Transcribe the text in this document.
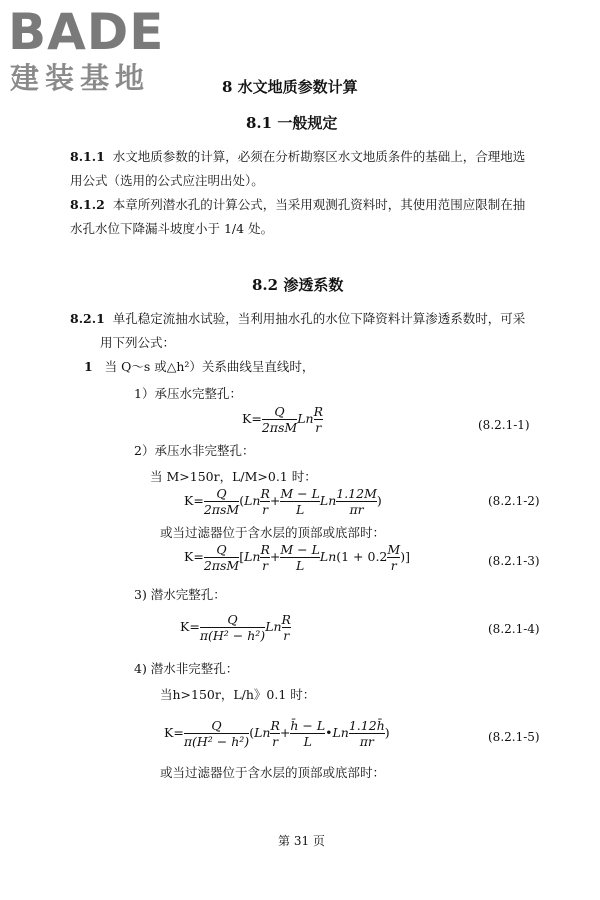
BADE
建装基地	8 水文地质参数计算
8.1 一般规定
8.1.1 水文地质参数的计算，必须在分析勘察区水文地质条件的基础上，合理地选
用公式（选用的公式应注明出处）。
8.1.2 本章所列潜水孔的计算公式，当采用观测孔资料时，其使用范围应限制在抽
水孔水位下降漏斗坡度小于 1/4 处。
8.2 渗透系数
8.2.1 单孔稳定流抽水试验，当利用抽水孔的水位下降资料计算渗透系数时，可采
用下列公式：
1 当 Q～s 或△h²）关系曲线呈直线时，
1）承压水完整孔：
$K= \frac{Q}{\text{2πsM}}$ Ln $\frac{R}{r}$	(8.2.1-1)
2）承压水非完整孔：
当 M>150r，L/M>0.1 时：
$K= \frac{Q}{\text{2πsM}} (Ln \frac{R}{r} + \frac{M - L}{L}$ Ln $\frac{1.12M}{\pi r}$ )	(8.2.1-2)
或当过滤器位于含水层的顶部或底部时：
$K= \frac{Q}{\text{2πsM}} [Ln \frac{R}{r} + \frac{M - L}{L} Ln(1 + 0.2 \frac{M}{r}$ )]	(8.2.1-3)
3) 潜水完整孔：
$K= \frac{Q}{\text{π(H² − h²)}}$ Ln $\frac{R}{r}$	(8.2.1-4)
4) 潜水非完整孔：
当h>150r，L/h》0.1 时：
$K= \frac{Q}{\text{π(H² − h²)}} (Ln \frac{R}{r} + \frac{h̄ - L}{L}$ •Ln $\frac{1.12h̄}{\pi r}$ )	(8.2.1-5)
或当过滤器位于含水层的顶部或底部时：
第 31 页
